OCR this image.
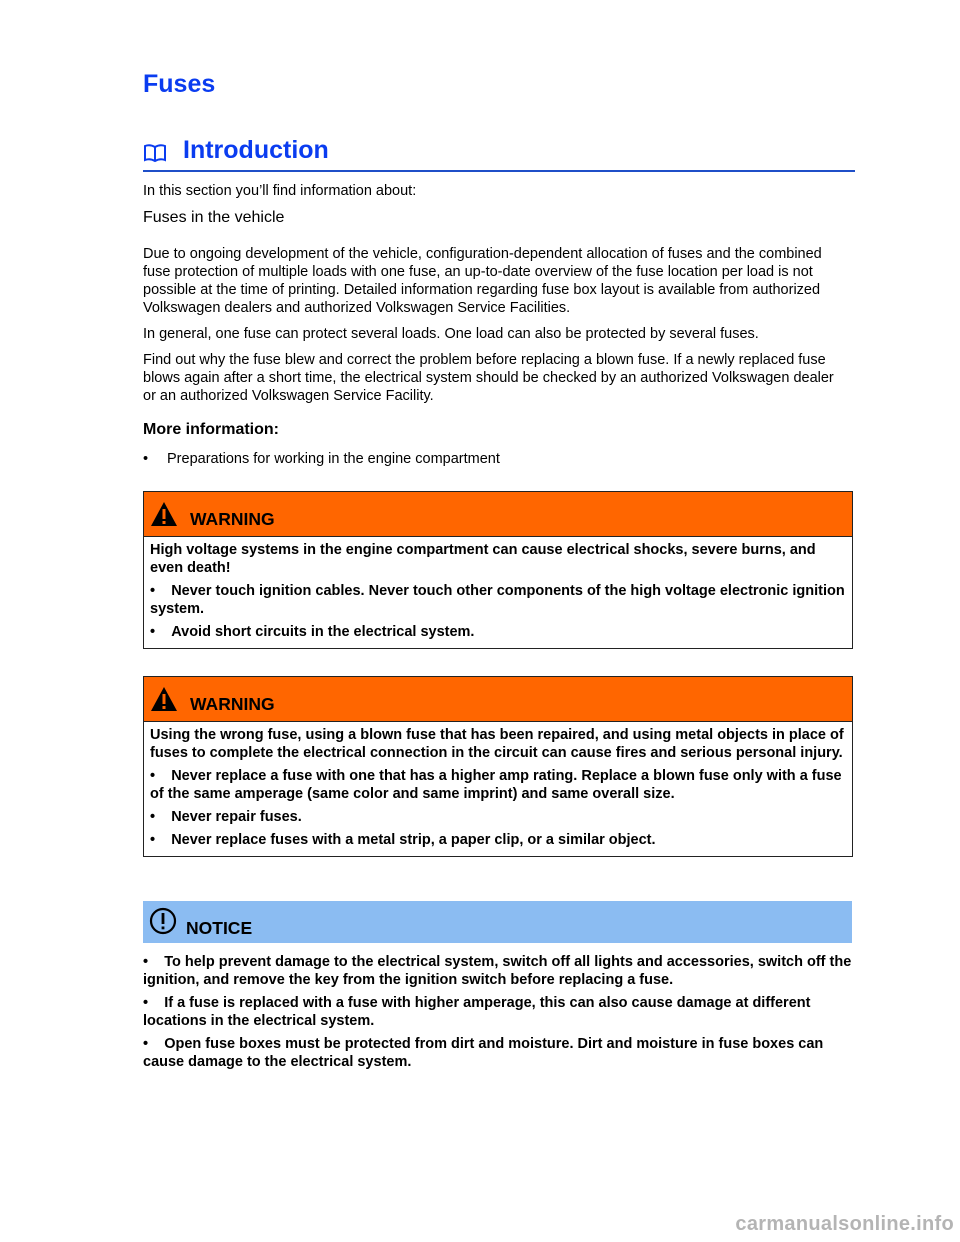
Fuses
Introduction

In this section you’ll find information about:

Fuses in the vehicle

Due to ongoing development of the vehicle, configuration-dependent allocation of fuses and the combined fuse protection of multiple loads with one fuse, an up-to-date overview of the fuse location per load is not possible at the time of printing. Detailed information regarding fuse box layout is available from authorized Volkswagen dealers and authorized Volkswagen Service Facilities.

In general, one fuse can protect several loads. One load can also be protected by several fuses.

Find out why the fuse blew and correct the problem before replacing a blown fuse. If a newly replaced fuse blows again after a short time, the electrical system should be checked by an authorized Volkswagen dealer or an authorized Volkswagen Service Facility.

More information:

• Preparations for working in the engine compartment
WARNING

High voltage systems in the engine compartment can cause electrical shocks, severe burns, and even death!

• Never touch ignition cables. Never touch other components of the high voltage electronic ignition system.

• Avoid short circuits in the electrical system.

WARNING

Using the wrong fuse, using a blown fuse that has been repaired, and using metal objects in place of fuses to complete the electrical connection in the circuit can cause fires and serious personal injury.

• Never replace a fuse with one that has a higher amp rating. Replace a blown fuse only with a fuse of the same amperage (same color and same imprint) and same overall size.

• Never repair fuses.

• Never replace fuses with a metal strip, a paper clip, or a similar object.

NOTICE

• To help prevent damage to the electrical system, switch off all lights and accessories, switch off the ignition, and remove the key from the ignition switch before replacing a fuse.

• If a fuse is replaced with a fuse with higher amperage, this can also cause damage at different locations in the electrical system.

• Open fuse boxes must be protected from dirt and moisture. Dirt and moisture in fuse boxes can cause damage to the electrical system.

carmanualsonline.info
